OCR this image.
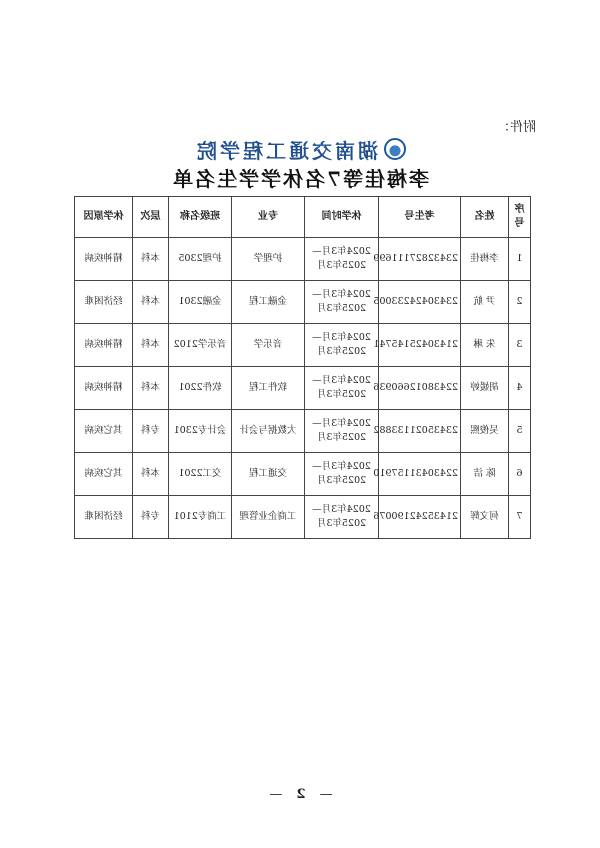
附件：
湖南交通工程学院
李梅佳等7名休学学生名单
序号	姓名	考生号	休学时间	专业	班级名称	层次	休学原因
1	李梅佳	23432827111699	2024年3月—2025年3月	护理学	护理2305	本科	精神疾病
2	尹 航	23430424233005	2024年3月—2025年3月	金融工程	金融2301	本科	经济困难
3	朱 琳	21430425145741	2024年3月—2025年3月	音乐学	音乐学2102	本科	精神疾病
4	胡媛婷	22438012660936	2024年3月—2025年3月	软件工程	软件2201	本科	精神疾病
5	吴俊熙	23435021133882	2024年3月—2025年3月	大数据与会计	会计专2301	专科	其它疾病
6	陈 洁	22430431157910	2024年3月—2025年3月	交通工程	交工2201	本科	其它疾病
7	何文辉	21435242190076	2024年3月—2025年3月	工商企业管理	工商专2101	专科	经济困难
— 2 —
